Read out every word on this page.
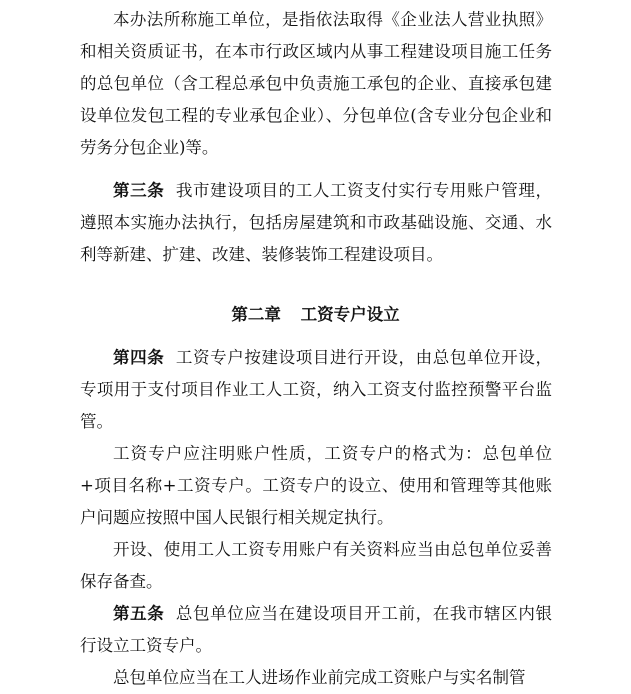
本办法所称施工单位，是指依法取得《企业法人营业执照》和相关资质证书，在本市行政区域内从事工程建设项目施工任务的总包单位（含工程总承包中负责施工承包的企业、直接承包建设单位发包工程的专业承包企业）、分包单位(含专业分包企业和劳务分包企业)等。

第三条 我市建设项目的工人工资支付实行专用账户管理，遵照本实施办法执行，包括房屋建筑和市政基础设施、交通、水利等新建、扩建、改建、装修装饰工程建设项目。

第二章 工资专户设立

第四条 工资专户按建设项目进行开设，由总包单位开设，专项用于支付项目作业工人工资，纳入工资支付监控预警平台监管。

工资专户应注明账户性质，工资专户的格式为：总包单位+项目名称+工资专户。工资专户的设立、使用和管理等其他账户问题应按照中国人民银行相关规定执行。

开设、使用工人工资专用账户有关资料应当由总包单位妥善保存备查。

第五条 总包单位应当在建设项目开工前，在我市辖区内银行设立工资专户。

总包单位应当在工人进场作业前完成工资账户与实名制管
